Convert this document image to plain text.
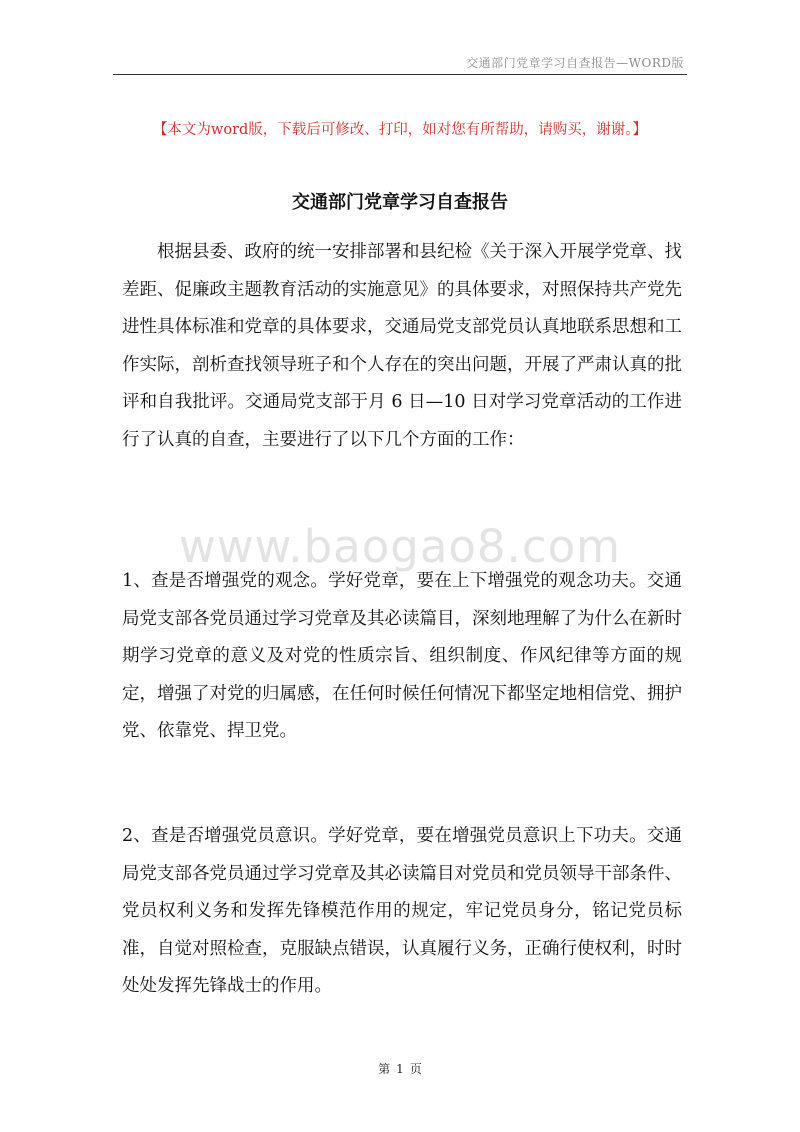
交通部门党章学习自查报告—WORD版
【本文为word版，下载后可修改、打印，如对您有所帮助，请购买，谢谢。】
交通部门党章学习自查报告

根据县委、政府的统一安排部署和县纪检《关于深入开展学党章、找差距、促廉政主题教育活动的实施意见》的具体要求，对照保持共产党先进性具体标准和党章的具体要求，交通局党支部党员认真地联系思想和工作实际，剖析查找领导班子和个人存在的突出问题，开展了严肃认真的批评和自我批评。交通局党支部于月 6 日—10 日对学习党章活动的工作进行了认真的自查，主要进行了以下几个方面的工作：

www.baogao8.com

1、查是否增强党的观念。学好党章，要在上下增强党的观念功夫。交通局党支部各党员通过学习党章及其必读篇目，深刻地理解了为什么在新时期学习党章的意义及对党的性质宗旨、组织制度、作风纪律等方面的规定，增强了对党的归属感，在任何时候任何情况下都坚定地相信党、拥护党、依靠党、捍卫党。

2、查是否增强党员意识。学好党章，要在增强党员意识上下功夫。交通局党支部各党员通过学习党章及其必读篇目对党员和党员领导干部条件、党员权利义务和发挥先锋模范作用的规定，牢记党员身分，铭记党员标准，自觉对照检查，克服缺点错误，认真履行义务，正确行使权利，时时处处发挥先锋战士的作用。

第 1 页
